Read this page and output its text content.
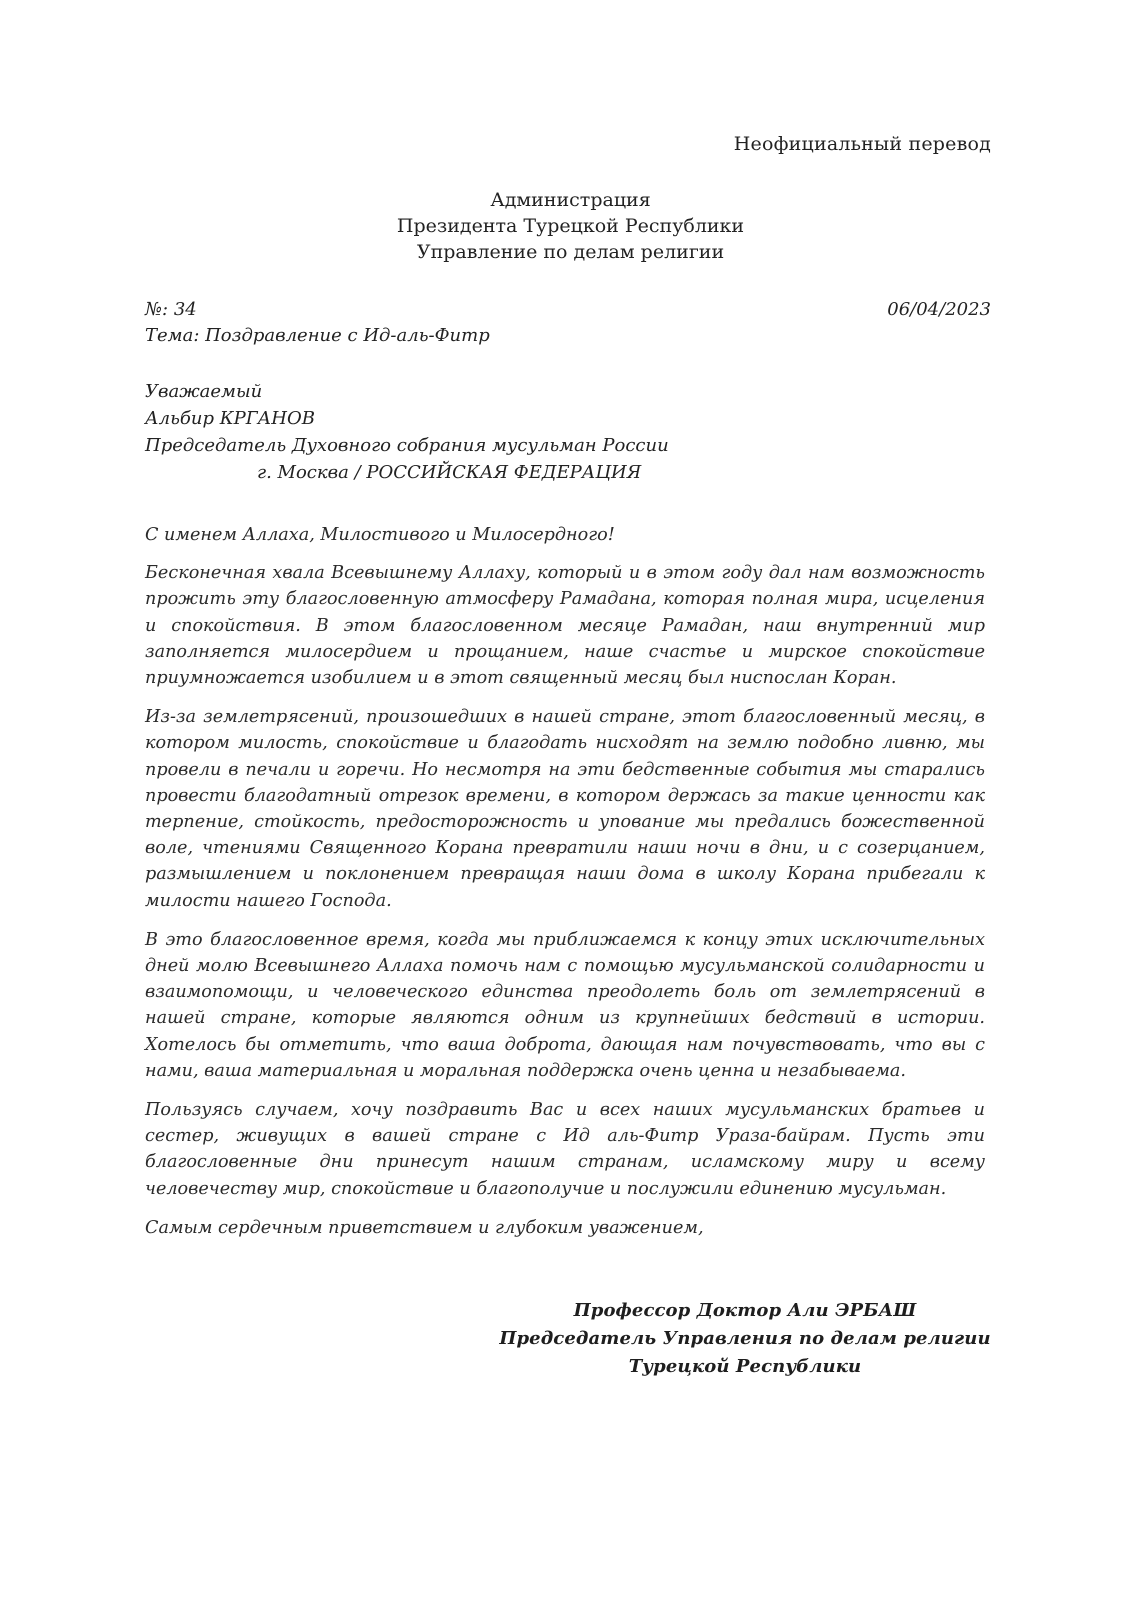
Неофициальный перевод
Администрация
Президента Турецкой Республики
Управление по делам религии
№: 34
Тема: Поздравление с Ид-аль-Фитр
06/04/2023
Уважаемый
Альбир КРГАНОВ
Председатель Духовного собрания мусульман России
г. Москва / РОССИЙСКАЯ ФЕДЕРАЦИЯ

С именем Аллаха, Милостивого и Милосердного!

Бесконечная хвала Всевышнему Аллаху, который и в этом году дал нам возможность прожить эту благословенную атмосферу Рамадана, которая полная мира, исцеления и спокойствия. В этом благословенном месяце Рамадан, наш внутренний мир заполняется милосердием и прощанием, наше счастье и мирское спокойствие приумножается изобилием и в этот священный месяц был ниспослан Коран.

Из-за землетрясений, произошедших в нашей стране, этот благословенный месяц, в котором милость, спокойствие и благодать нисходят на землю подобно ливню, мы провели в печали и горечи. Но несмотря на эти бедственные события мы старались провести благодатный отрезок времени, в котором держась за такие ценности как терпение, стойкость, предосторожность и упование мы предались божественной воле, чтениями Священного Корана превратили наши ночи в дни, и с созерцанием, размышлением и поклонением превращая наши дома в школу Корана прибегали к милости нашего Господа.

В это благословенное время, когда мы приближаемся к концу этих исключительных дней молю Всевышнего Аллаха помочь нам с помощью мусульманской солидарности и взаимопомощи, и человеческого единства преодолеть боль от землетрясений в нашей стране, которые являются одним из крупнейших бедствий в истории. Хотелось бы отметить, что ваша доброта, дающая нам почувствовать, что вы с нами, ваша материальная и моральная поддержка очень ценна и незабываема.

Пользуясь случаем, хочу поздравить Вас и всех наших мусульманских братьев и сестер, живущих в вашей стране с Ид аль-Фитр Ураза-байрам. Пусть эти благословенные дни принесут нашим странам, исламскому миру и всему человечеству мир, спокойствие и благополучие и послужили единению мусульман.

Самым сердечным приветствием и глубоким уважением,

Профессор Доктор Али ЭРБАШ
Председатель Управления по делам религии
Турецкой Республики
